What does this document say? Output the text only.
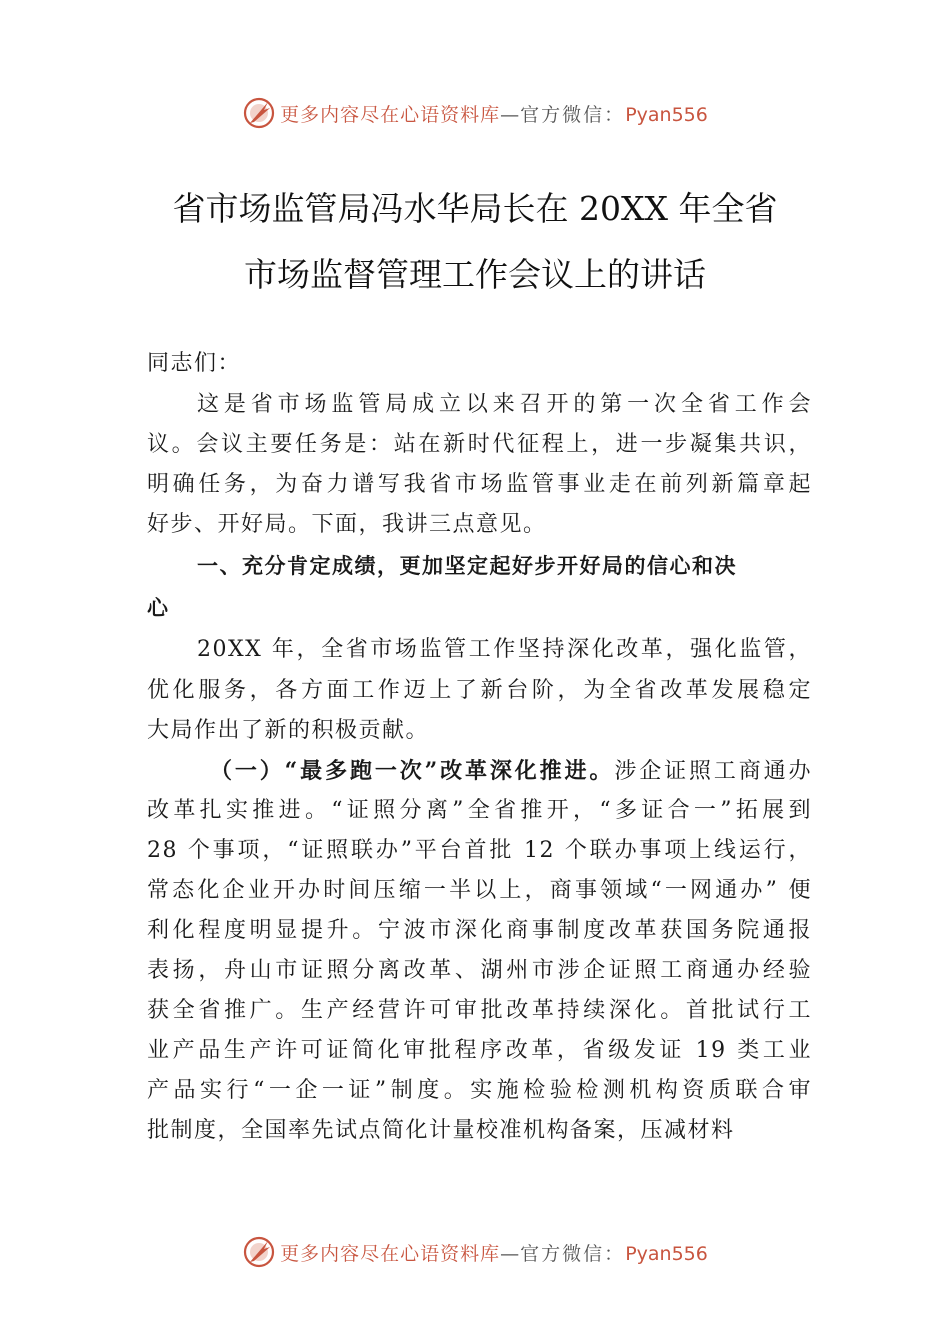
更多内容尽在心语资料库—官方微信：Pyan556
省市场监管局冯水华局长在 20XX 年全省
市场监督管理工作会议上的讲话
同志们：
这是省市场监管局成立以来召开的第一次全省工作会
议。会议主要任务是：站在新时代征程上，进一步凝集共识，
明确任务，为奋力谱写我省市场监管事业走在前列新篇章起
好步、开好局。下面，我讲三点意见。
一、充分肯定成绩，更加坚定起好步开好局的信心和决
心
20XX 年，全省市场监管工作坚持深化改革，强化监管，
优化服务，各方面工作迈上了新台阶，为全省改革发展稳定
大局作出了新的积极贡献。
（一）“最多跑一次”改革深化推进。涉企证照工商通办
改革扎实推进。“证照分离”全省推开，“多证合一”拓展到
28 个事项，“证照联办”平台首批 12 个联办事项上线运行，
常态化企业开办时间压缩一半以上，商事领域“一网通办” 便
利化程度明显提升。宁波市深化商事制度改革获国务院通报
表扬，舟山市证照分离改革、湖州市涉企证照工商通办经验
获全省推广。生产经营许可审批改革持续深化。首批试行工
业产品生产许可证简化审批程序改革，省级发证 19 类工业
产品实行“一企一证”制度。实施检验检测机构资质联合审
批制度，全国率先试点简化计量校准机构备案，压减材料
更多内容尽在心语资料库—官方微信：Pyan556
